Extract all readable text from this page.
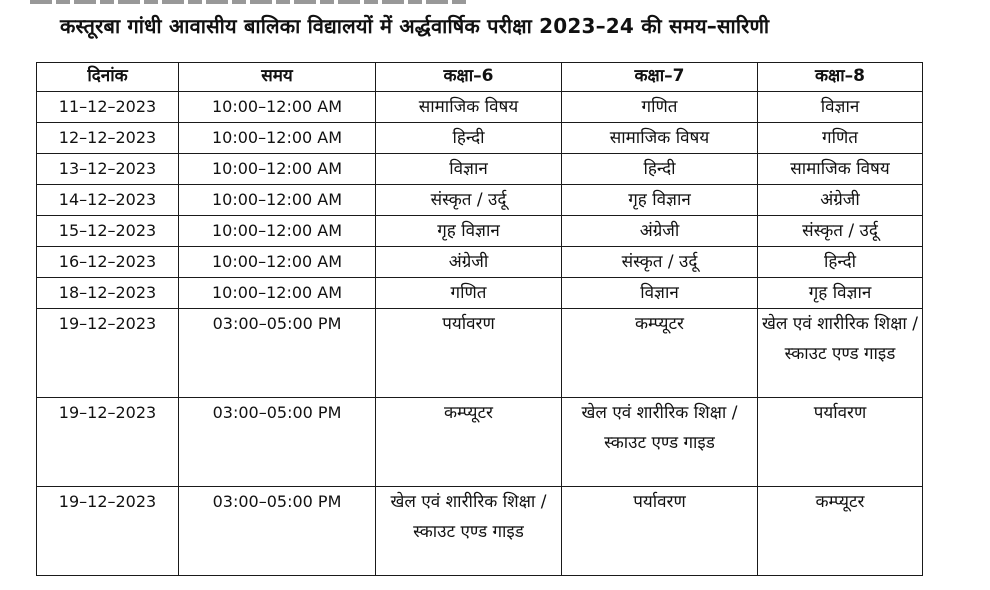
कस्तूरबा गांधी आवासीय बालिका विद्यालयों में अर्द्धवार्षिक परीक्षा 2023–24 की समय–सारिणी
दिनांक	समय	कक्षा–6	कक्षा–7	कक्षा–8
11–12–2023	10:00–12:00 AM	सामाजिक विषय	गणित	विज्ञान
12–12–2023	10:00–12:00 AM	हिन्दी	सामाजिक विषय	गणित
13–12–2023	10:00–12:00 AM	विज्ञान	हिन्दी	सामाजिक विषय
14–12–2023	10:00–12:00 AM	संस्कृत / उर्दू	गृह विज्ञान	अंग्रेजी
15–12–2023	10:00–12:00 AM	गृह विज्ञान	अंग्रेजी	संस्कृत / उर्दू
16–12–2023	10:00–12:00 AM	अंग्रेजी	संस्कृत / उर्दू	हिन्दी
18–12–2023	10:00–12:00 AM	गणित	विज्ञान	गृह विज्ञान
19–12–2023	03:00–05:00 PM	पर्यावरण	कम्प्यूटर	खेल एवं शारीरिक शिक्षा / स्काउट एण्ड गाइड
19–12–2023	03:00–05:00 PM	कम्प्यूटर	खेल एवं शारीरिक शिक्षा / स्काउट एण्ड गाइड	पर्यावरण
19–12–2023	03:00–05:00 PM	खेल एवं शारीरिक शिक्षा / स्काउट एण्ड गाइड	पर्यावरण	कम्प्यूटर
